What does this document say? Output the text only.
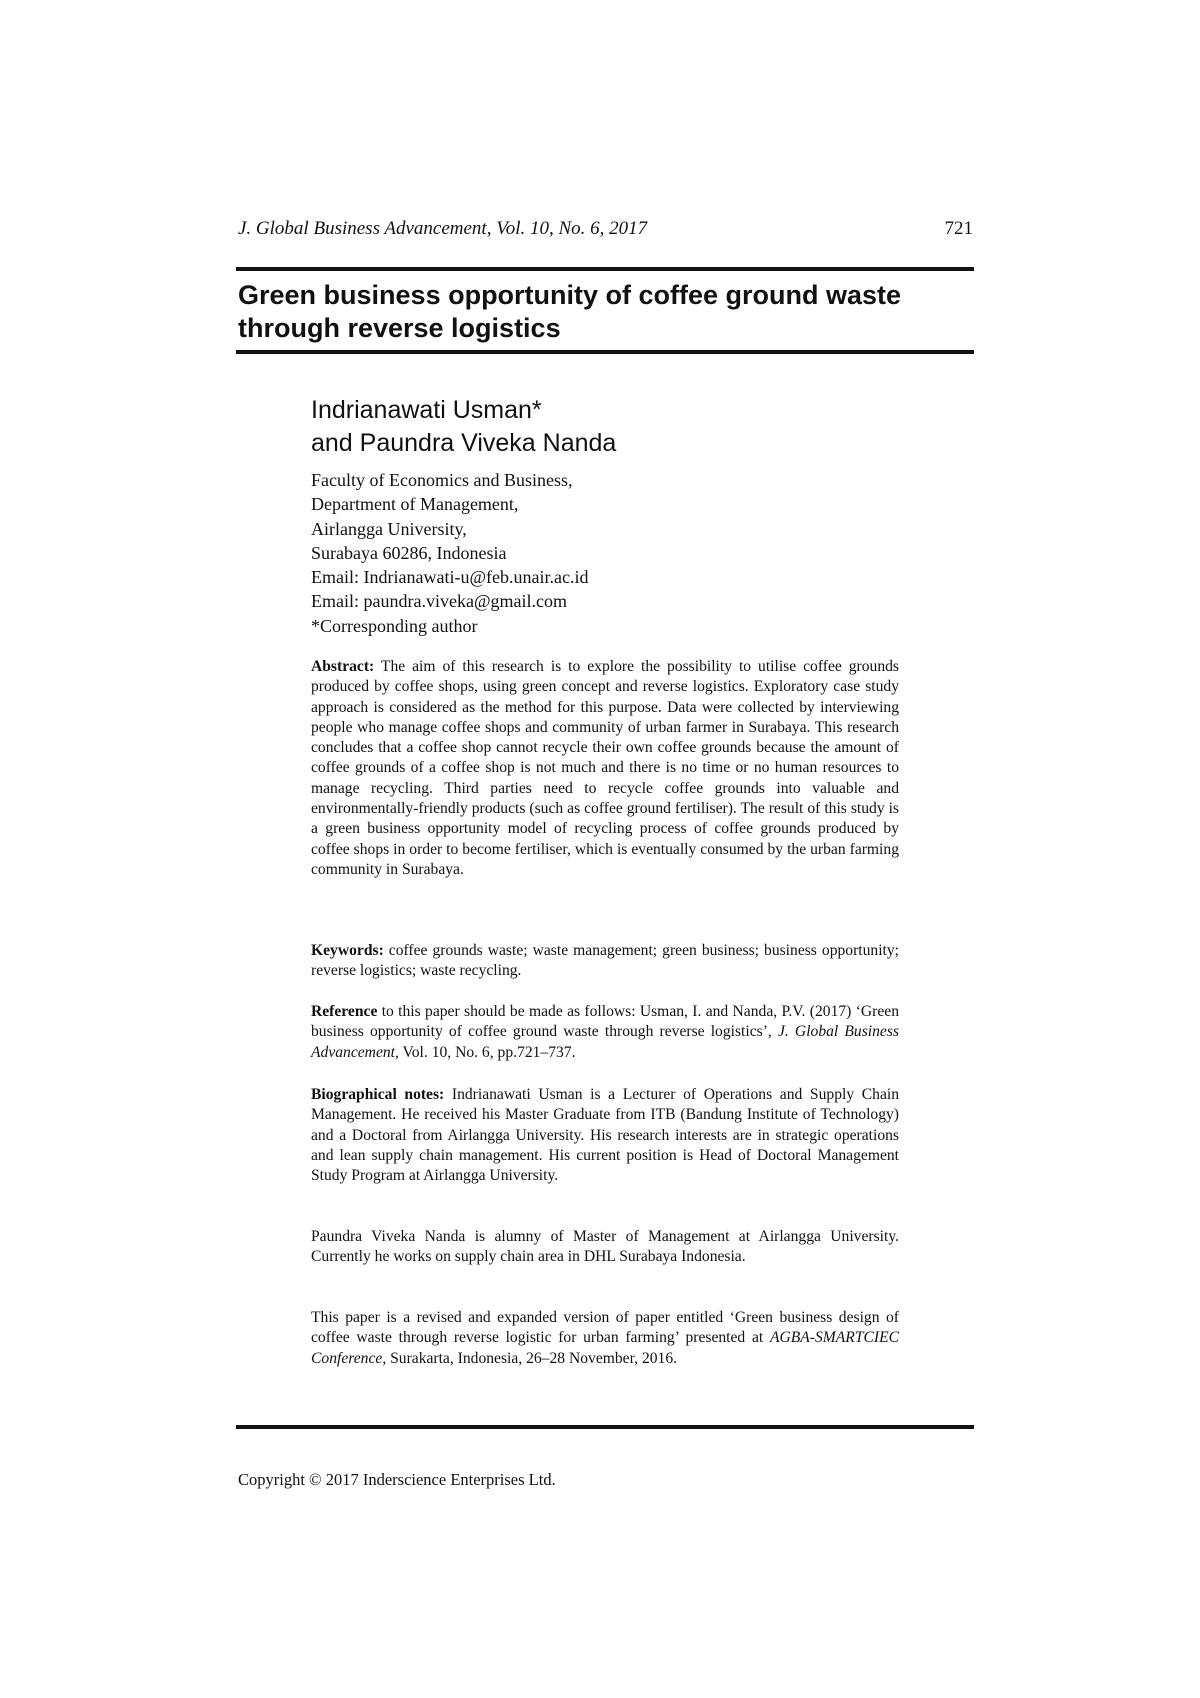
J. Global Business Advancement, Vol. 10, No. 6, 2017	721
Green business opportunity of coffee ground waste
through reverse logistics
Indrianawati Usman*
and Paundra Viveka Nanda
Faculty of Economics and Business,
Department of Management,
Airlangga University,
Surabaya 60286, Indonesia
Email: Indrianawati-u@feb.unair.ac.id
Email: paundra.viveka@gmail.com
*Corresponding author
Abstract: The aim of this research is to explore the possibility to utilise coffee grounds produced by coffee shops, using green concept and reverse logistics. Exploratory case study approach is considered as the method for this purpose. Data were collected by interviewing people who manage coffee shops and community of urban farmer in Surabaya. This research concludes that a coffee shop cannot recycle their own coffee grounds because the amount of coffee grounds of a coffee shop is not much and there is no time or no human resources to manage recycling. Third parties need to recycle coffee grounds into valuable and environmentally-friendly products (such as coffee ground fertiliser). The result of this study is a green business opportunity model of recycling process of coffee grounds produced by coffee shops in order to become fertiliser, which is eventually consumed by the urban farming community in Surabaya.
Keywords: coffee grounds waste; waste management; green business; business opportunity; reverse logistics; waste recycling.
Reference to this paper should be made as follows: Usman, I. and Nanda, P.V. (2017) ‘Green business opportunity of coffee ground waste through reverse logistics’, J. Global Business Advancement, Vol. 10, No. 6, pp.721–737.
Biographical notes: Indrianawati Usman is a Lecturer of Operations and Supply Chain Management. He received his Master Graduate from ITB (Bandung Institute of Technology) and a Doctoral from Airlangga University. His research interests are in strategic operations and lean supply chain management. His current position is Head of Doctoral Management Study Program at Airlangga University.
Paundra Viveka Nanda is alumny of Master of Management at Airlangga University. Currently he works on supply chain area in DHL Surabaya Indonesia.
This paper is a revised and expanded version of paper entitled ‘Green business design of coffee waste through reverse logistic for urban farming’ presented at AGBA-SMARTCIEC Conference, Surakarta, Indonesia, 26–28 November, 2016.
Copyright © 2017 Inderscience Enterprises Ltd.
